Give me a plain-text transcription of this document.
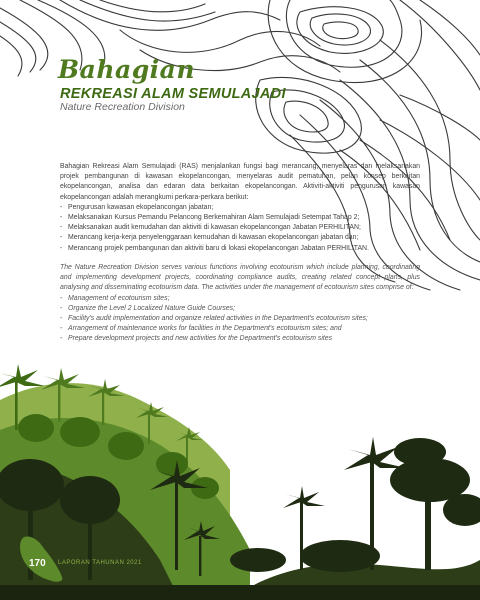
Bahagian
REKREASI ALAM SEMULAJADI
Nature Recreation Division

Bahagian Rekreasi Alam Semulajadi (RAS) menjalankan fungsi bagi merancang, menyelaras dan melaksanakan projek pembangunan di kawasan ekopelancongan, menyelaras audit pematuhan, pelan konsep berkaitan ekopelancongan, analisa dan edaran data berkaitan ekopelancongan. Aktiviti-aktiviti pengurusan kawasan ekopelancongan adalah merangkumi perkara-perkara berikut:

- Pengurusan kawasan ekopelancongan jabatan;
- Melaksanakan Kursus Pemandu Pelancong Berkemahiran Alam Semulajadi Setempat Tahap 2;
- Melaksanakan audit kemudahan dan aktiviti di kawasan ekopelancongan Jabatan PERHILITAN;
- Merancang kerja-kerja penyelenggaraan kemudahan di kawasan ekopelancongan jabatan dan;
- Merancang projek pembangunan dan aktiviti baru di lokasi ekopelancongan Jabatan PERHILITAN.

The Nature Recreation Division serves various functions involving ecotourism which include planning, coordinating and implementing development projects, coordinating compliance audits, creating related concept plans, plus analysing and disseminating ecotourism data. The activities under the management of ecotourism sites comprise of:

- Management of ecotourism sites;
- Organize the Level 2 Localized Nature Guide Courses;
- Facility's audit implementation and organize related activities in the Department's ecotourism sites;
- Arrangement of maintenance works for facilities in the Department's ecotourism sites; and
- Prepare development projects and new activities for the Department's ecotourism sites
170 LAPORAN TAHUNAN 2021
